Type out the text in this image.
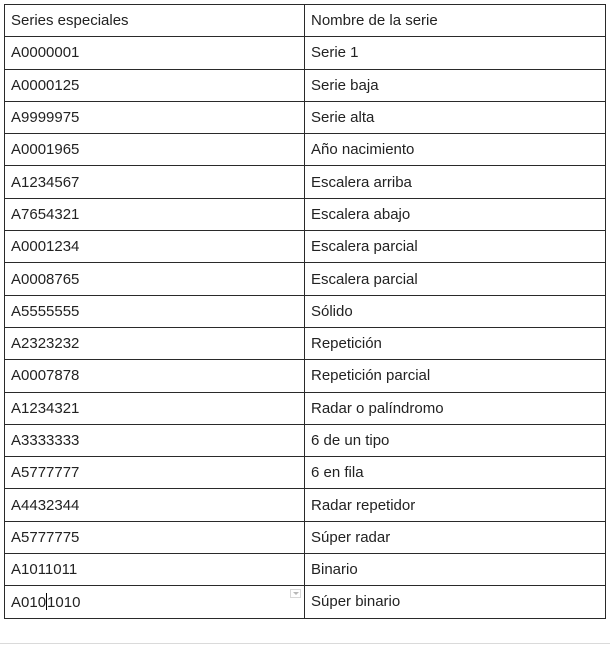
Series especiales	Nombre de la serie
A0000001	Serie 1
A0000125	Serie baja
A9999975	Serie alta
A0001965	Año nacimiento
A1234567	Escalera arriba
A7654321	Escalera abajo
A0001234	Escalera parcial
A0008765	Escalera parcial
A5555555	Sólido
A2323232	Repetición
A0007878	Repetición parcial
A1234321	Radar o palíndromo
A3333333	6 de un tipo
A5777777	6 en fila
A4432344	Radar repetidor
A5777775	Súper radar
A1011011	Binario
A0101010	Súper binario
